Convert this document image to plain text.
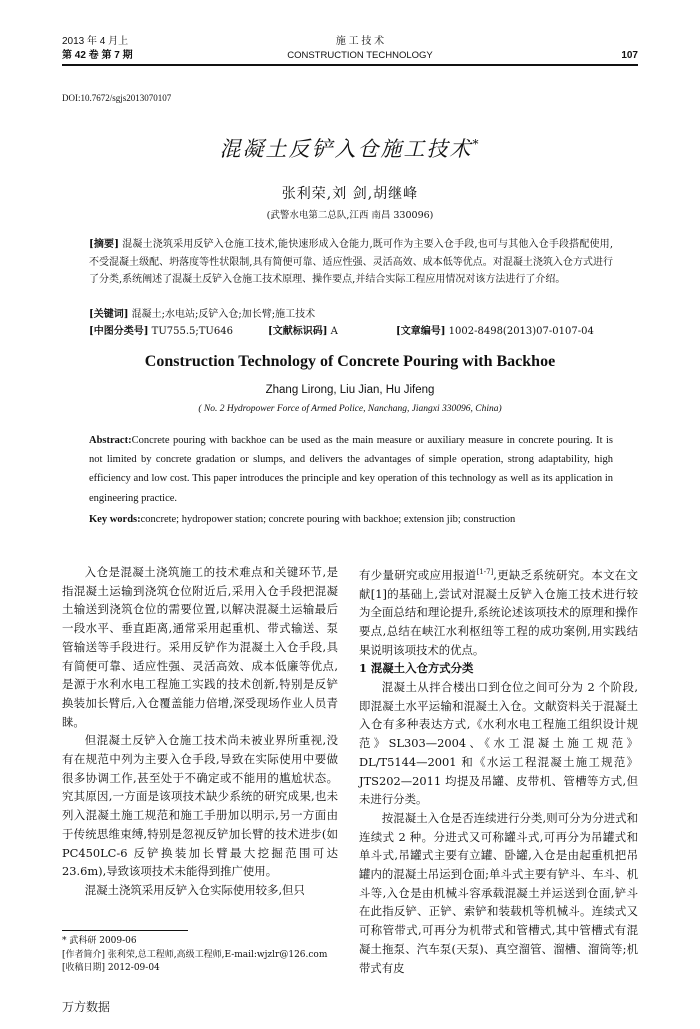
2013 年 4 月上
第 42 卷 第 7 期
施 工 技 术
CONSTRUCTION TECHNOLOGY	107
DOI:10.7672/sgjs2013070107
混凝土反铲入仓施工技术*
张利荣,刘 剑,胡继峰
(武警水电第二总队,江西 南昌 330096)
[摘要] 混凝土浇筑采用反铲入仓施工技术,能快速形成入仓能力,既可作为主要入仓手段,也可与其他入仓手段搭配使用,不受混凝土级配、坍落度等性状限制,具有简便可靠、适应性强、灵活高效、成本低等优点。对混凝土浇筑入仓方式进行了分类,系统阐述了混凝土反铲入仓施工技术原理、操作要点,并结合实际工程应用情况对该方法进行了介绍。
[关键词] 混凝土;水电站;反铲入仓;加长臂;施工技术
[中图分类号] TU755.5;TU646	[文献标识码] A	[文章编号] 1002-8498(2013)07-0107-04
Construction Technology of Concrete Pouring with Backhoe
Zhang Lirong, Liu Jian, Hu Jifeng
( No. 2 Hydropower Force of Armed Police, Nanchang, Jiangxi 330096, China)
Abstract:Concrete pouring with backhoe can be used as the main measure or auxiliary measure in concrete pouring. It is not limited by concrete gradation or slumps, and delivers the advantages of simple operation, strong adaptability, high efficiency and low cost. This paper introduces the principle and key operation of this technology as well as its application in engineering practice.
Key words:concrete; hydropower station; concrete pouring with backhoe; extension jib; construction

入仓是混凝土浇筑施工的技术难点和关键环节,是指混凝土运输到浇筑仓位附近后,采用入仓手段把混凝土输送到浇筑仓位的需要位置,以解决混凝土运输最后一段水平、垂直距离,通常采用起重机、带式输送、泵管输送等手段进行。采用反铲作为混凝土入仓手段,具有简便可靠、适应性强、灵活高效、成本低廉等优点,是源于水利水电工程施工实践的技术创新,特别是反铲换装加长臂后,入仓覆盖能力倍增,深受现场作业人员青睐。

但混凝土反铲入仓施工技术尚未被业界所重视,没有在规范中列为主要入仓手段,导致在实际使用中要做很多协调工作,甚至处于不确定或不能用的尴尬状态。究其原因,一方面是该项技术缺少系统的研究成果,也未列入混凝土施工规范和施工手册加以明示,另一方面由于传统思维束缚,特别是忽视反铲加长臂的技术进步(如 PC450LC-6 反铲换装加长臂最大挖掘范围可达 23.6m),导致该项技术未能得到推广使用。

混凝土浇筑采用反铲入仓实际使用较多,但只

* 武科研 2009-06
[作者简介] 张利荣,总工程师,高级工程师,E-mail:wjzlr@126.com
[收稿日期] 2012-09-04

有少量研究或应用报道[1-7],更缺乏系统研究。本文在文献[1]的基础上,尝试对混凝土反铲入仓施工技术进行较为全面总结和理论提升,系统论述该项技术的原理和操作要点,总结在峡江水利枢纽等工程的成功案例,用实践结果说明该项技术的优点。

1 混凝土入仓方式分类

混凝土从拌合楼出口到仓位之间可分为 2 个阶段,即混凝土水平运输和混凝土入仓。文献资料关于混凝土入仓有多种表达方式,《水利水电工程施工组织设计规范》SL303—2004、《水工混凝土施工规范》DL/T5144—2001 和《水运工程混凝土施工规范》JTS202—2011 均提及吊罐、皮带机、管槽等方式,但未进行分类。

按混凝土入仓是否连续进行分类,则可分为分进式和连续式 2 种。分进式又可称罐斗式,可再分为吊罐式和单斗式,吊罐式主要有立罐、卧罐,入仓是由起重机把吊罐内的混凝土吊运到仓面;单斗式主要有铲斗、车斗、机斗等,入仓是由机械斗容承载混凝土并运送到仓面,铲斗在此指反铲、正铲、索铲和装载机等机械斗。连续式又可称管带式,可再分为机带式和管槽式,其中管槽式有混凝土拖泵、汽车泵(天泵)、真空溜管、溜槽、溜筒等;机带式有皮

万方数据
